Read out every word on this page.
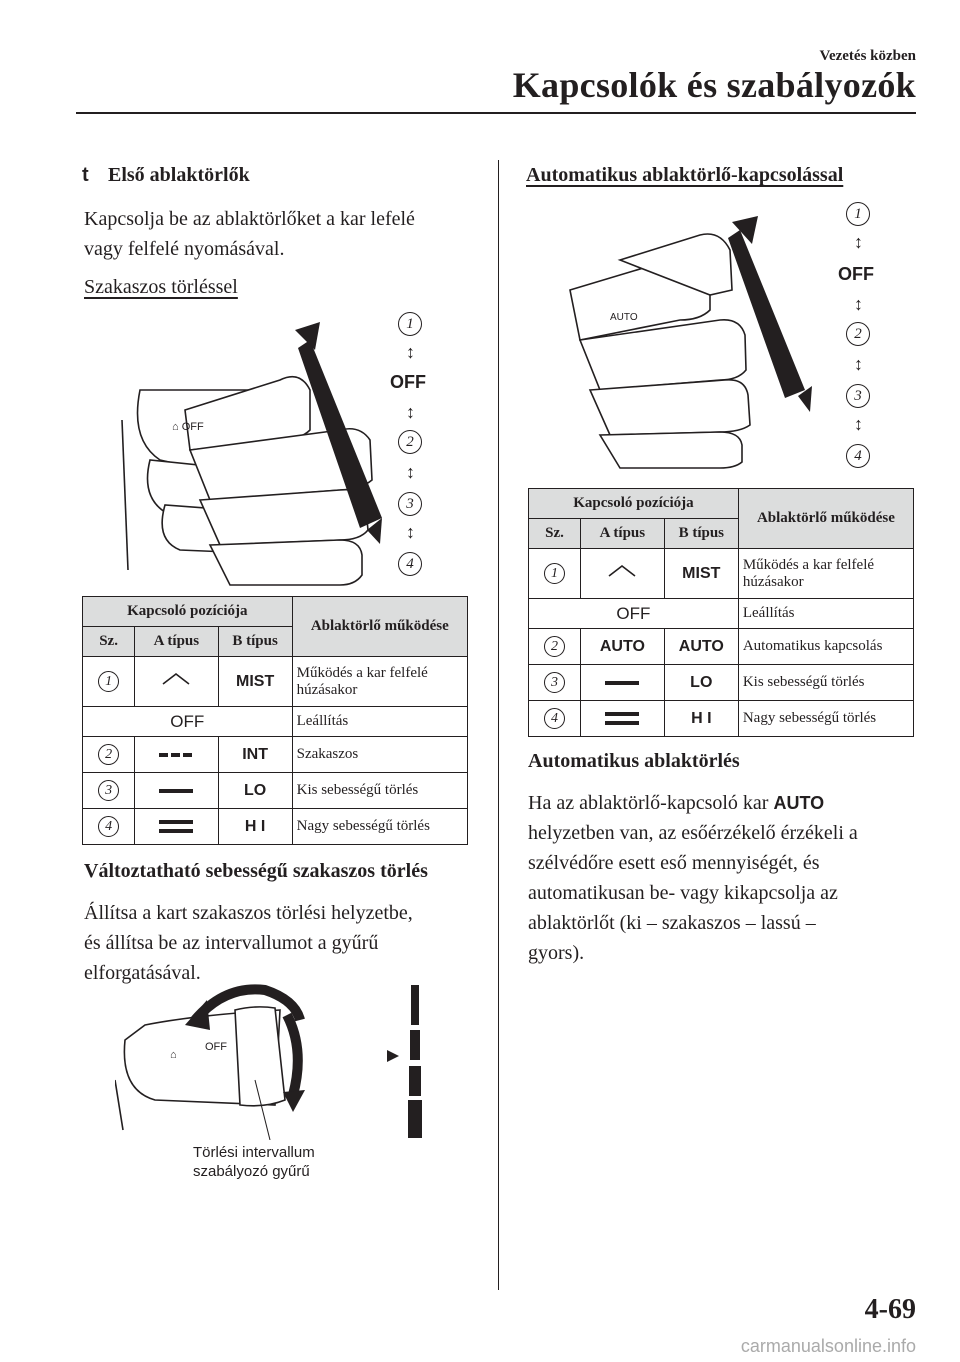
Vezetés közben
Kapcsolók és szabályozók
t Első ablaktörlők
Kapcsolja be az ablaktörlőket a kar lefelé
vagy felfelé nyomásával.
Szakaszos törléssel
⌂ OFF
1
↕
OFF
↕
2
↕
3
↕
4
Kapcsoló pozíciója			Ablaktörlő működése
Sz.	A típus	B típus	
1		MIST	Működés a kar felfelé
húzásakor

OFF			Leállítás
2		INT	Szakaszos
3		LO	Kis sebességű törlés
4		H I	Nagy sebességű törlés
Változtatható sebességű szakaszos törlés
Állítsa a kart szakaszos törlési helyzetbe,
és állítsa be az intervallumot a gyűrű
elforgatásával.
⌂
OFF
Törlési intervallum
szabályozó gyűrű
Automatikus ablaktörlő-kapcsolással
AUTO
1
↕
OFF
↕
2
↕
3
↕
4
Kapcsoló pozíciója			Ablaktörlő működése
Sz.	A típus	B típus	
1		MIST	Működés a kar felfelé
húzásakor

OFF			Leállítás
2	AUTO	AUTO	Automatikus kapcsolás
3		LO	Kis sebességű törlés
4		H I	Nagy sebességű törlés
Automatikus ablaktörlés
Ha az ablaktörlő-kapcsoló kar AUTO
helyzetben van, az esőérzékelő érzékeli a
szélvédőre esett eső mennyiségét, és
automatikusan be- vagy kikapcsolja az
ablaktörlőt (ki – szakaszos – lassú –
gyors).
4-69
carmanualsonline.info
